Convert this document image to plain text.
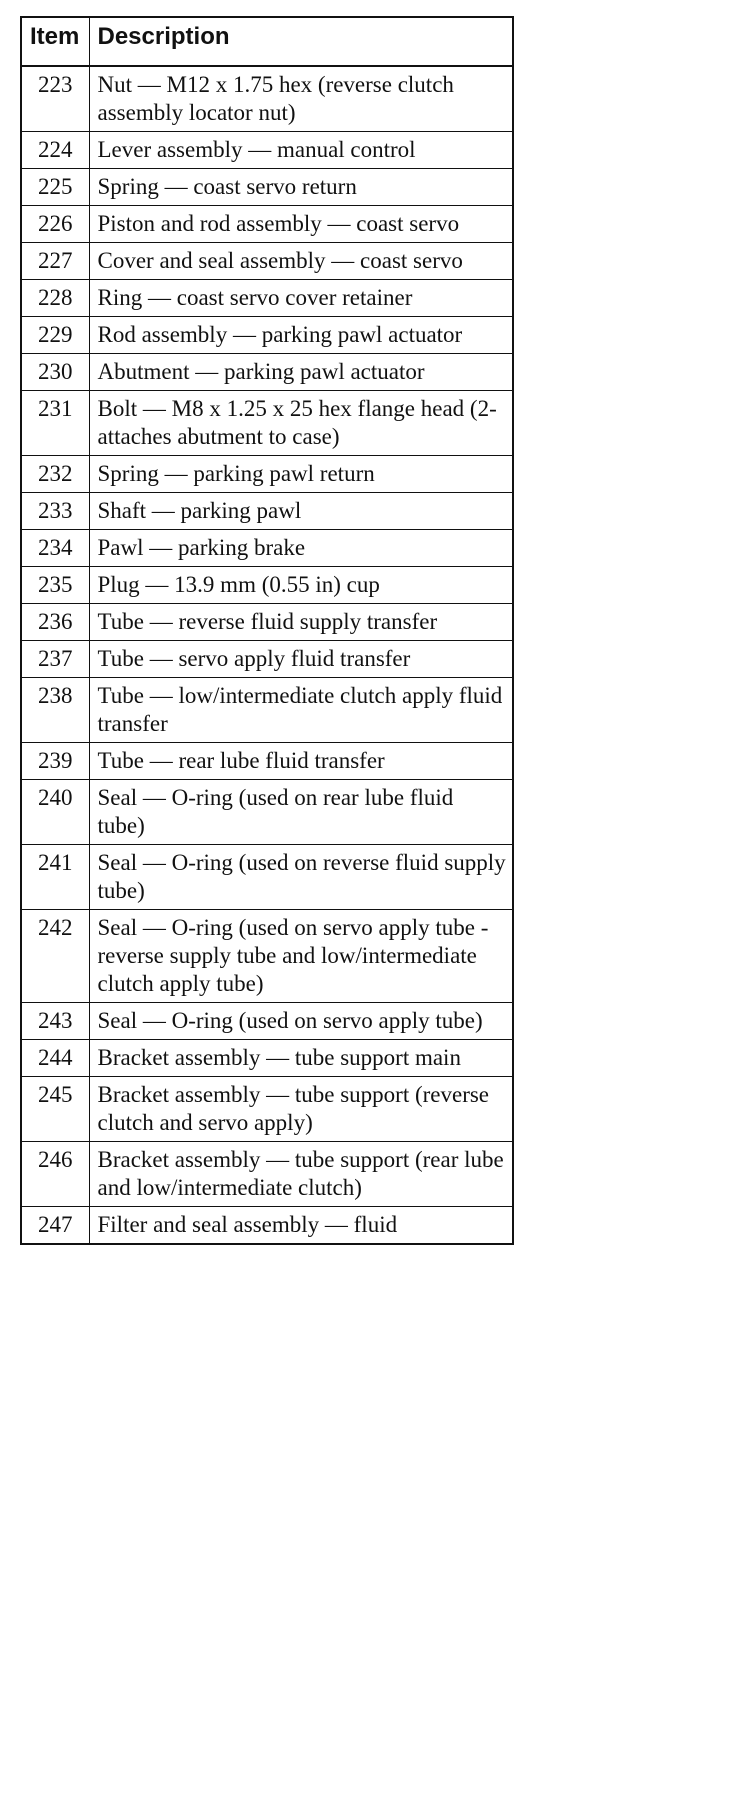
Item	Description
223	Nut — M12 x 1.75 hex (reverse clutch assembly locator nut)
224	Lever assembly — manual control
225	Spring — coast servo return
226	Piston and rod assembly — coast servo
227	Cover and seal assembly — coast servo
228	Ring — coast servo cover retainer
229	Rod assembly — parking pawl actuator
230	Abutment — parking pawl actuator
231	Bolt — M8 x 1.25 x 25 hex flange head (2-attaches abutment to case)
232	Spring — parking pawl return
233	Shaft — parking pawl
234	Pawl — parking brake
235	Plug — 13.9 mm (0.55 in) cup
236	Tube — reverse fluid supply transfer
237	Tube — servo apply fluid transfer
238	Tube — low/intermediate clutch apply fluid transfer
239	Tube — rear lube fluid transfer
240	Seal — O-ring (used on rear lube fluid tube)
241	Seal — O-ring (used on reverse fluid supply tube)
242	Seal — O-ring (used on servo apply tube - reverse supply tube and low/intermediate clutch apply tube)
243	Seal — O-ring (used on servo apply tube)
244	Bracket assembly — tube support main
245	Bracket assembly — tube support (reverse clutch and servo apply)
246	Bracket assembly — tube support (rear lube and low/intermediate clutch)
247	Filter and seal assembly — fluid
